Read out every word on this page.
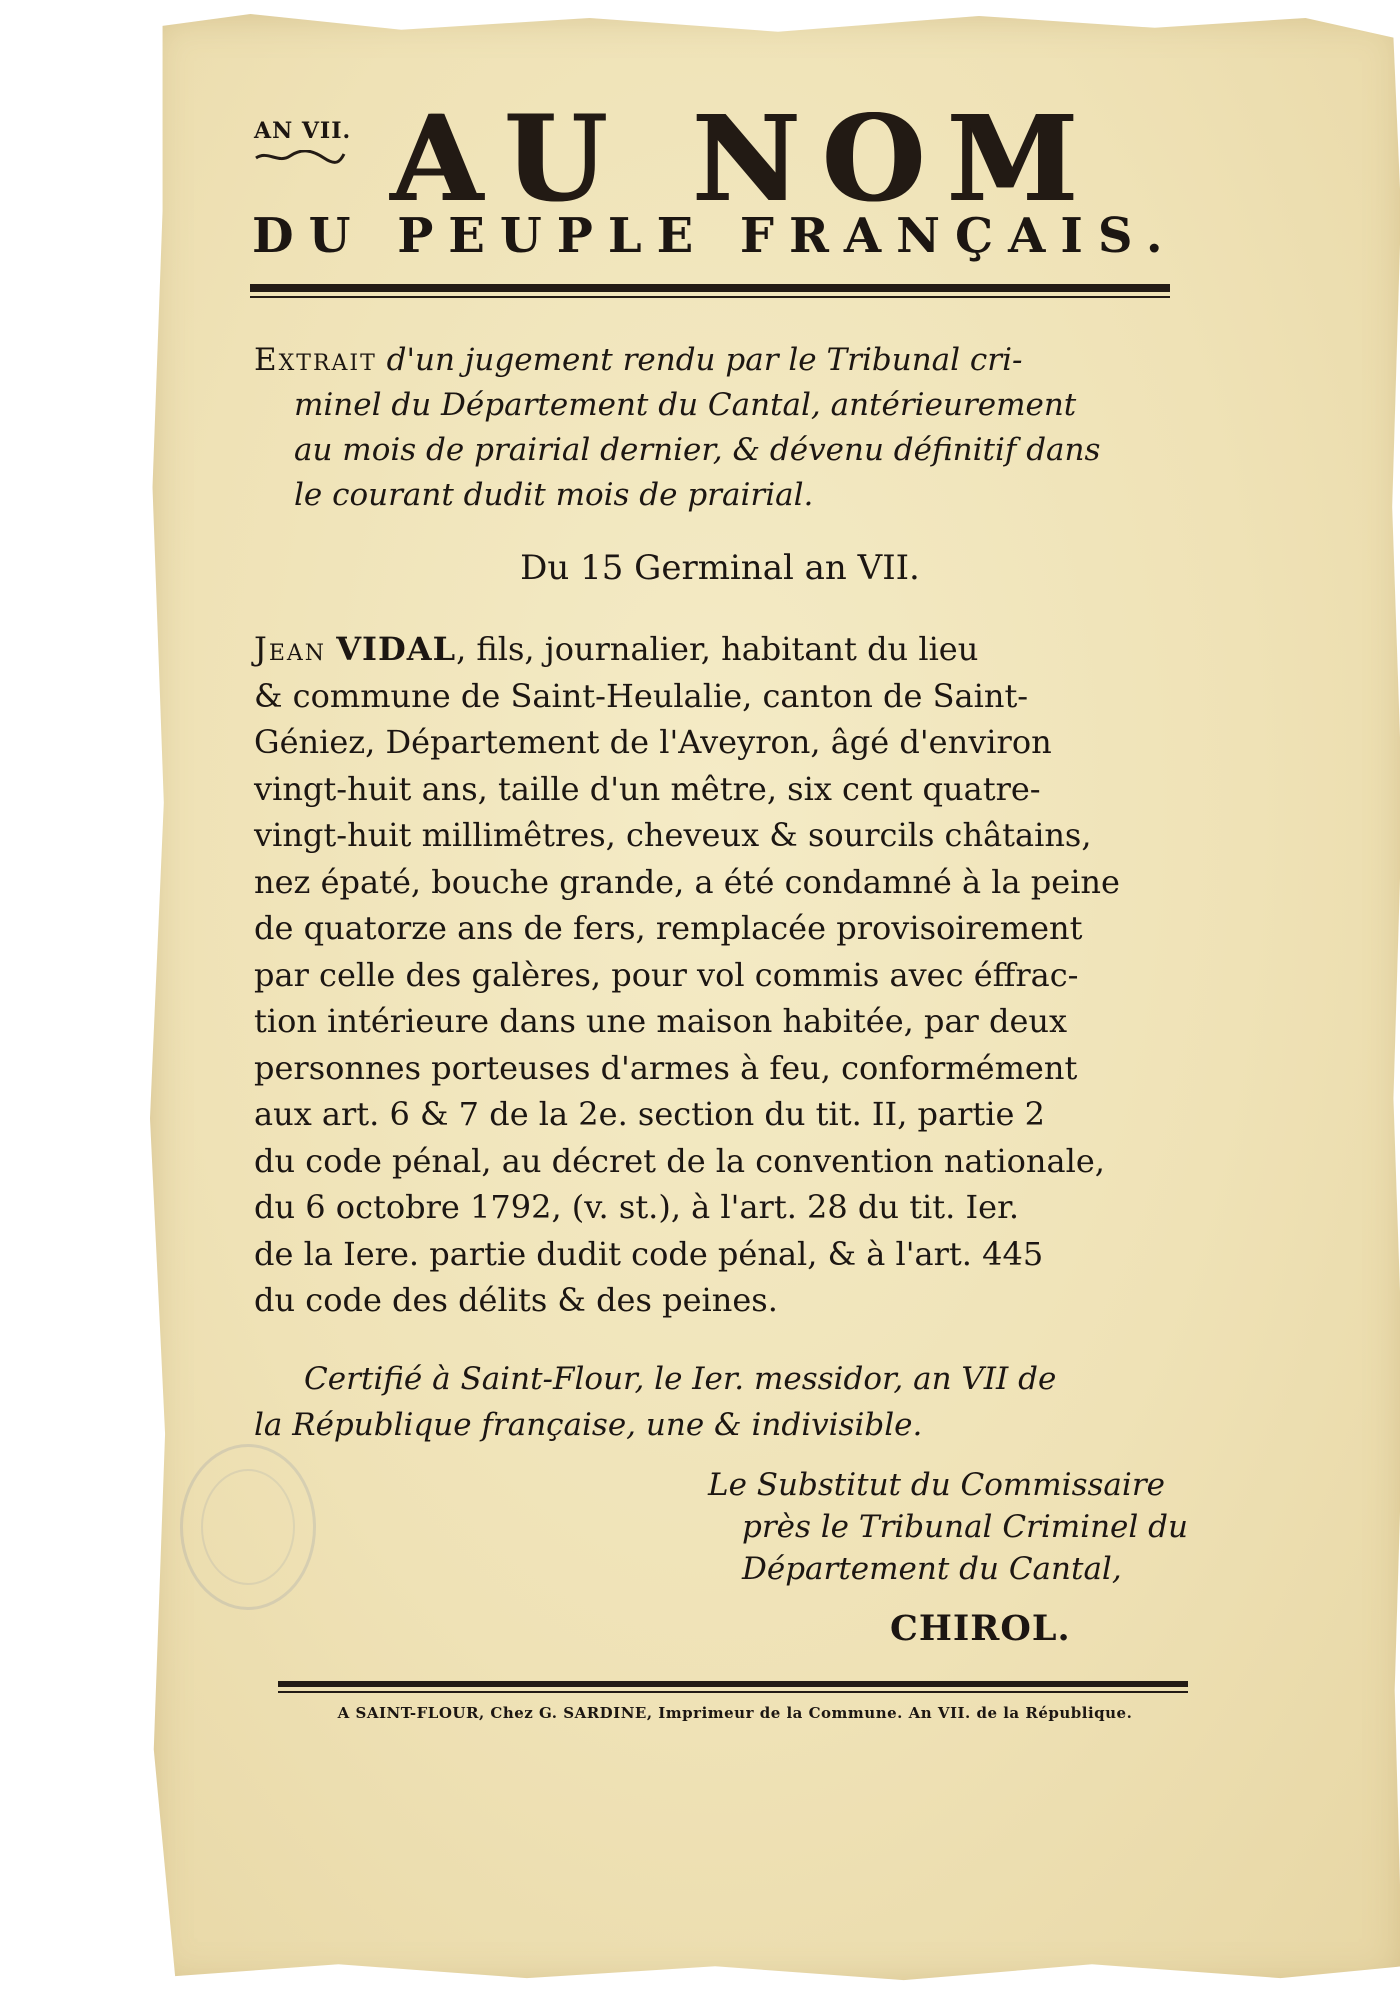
AN VII. AU NOM
DU PEUPLE FRANÇAIS.
Extrait d'un jugement rendu par le Tribunal cri-
minel du Département du Cantal, antérieurement
au mois de prairial dernier, & dévenu définitif dans
le courant dudit mois de prairial.
Du 15 Germinal an VII.
Jean VIDAL, fils, journalier, habitant du lieu
& commune de Saint-Heulalie, canton de Saint-
Géniez, Département de l'Aveyron, âgé d'environ
vingt-huit ans, taille d'un mêtre, six cent quatre-
vingt-huit millimêtres, cheveux & sourcils châtains,
nez épaté, bouche grande, a été condamné à la peine
de quatorze ans de fers, remplacée provisoirement
par celle des galères, pour vol commis avec éffrac-
tion intérieure dans une maison habitée, par deux
personnes porteuses d'armes à feu, conformément
aux art. 6 & 7 de la 2e. section du tit. II, partie 2
du code pénal, au décret de la convention nationale,
du 6 octobre 1792, (v. st.), à l'art. 28 du tit. Ier.
de la Iere. partie dudit code pénal, & à l'art. 445
du code des délits & des peines.
Certifié à Saint-Flour, le Ier. messidor, an VII de
la République française, une & indivisible.
Le Substitut du Commissaire
près le Tribunal Criminel du
Département du Cantal,
CHIROL.
A SAINT-FLOUR, Chez G. SARDINE, Imprimeur de la Commune. An VII. de la République.
